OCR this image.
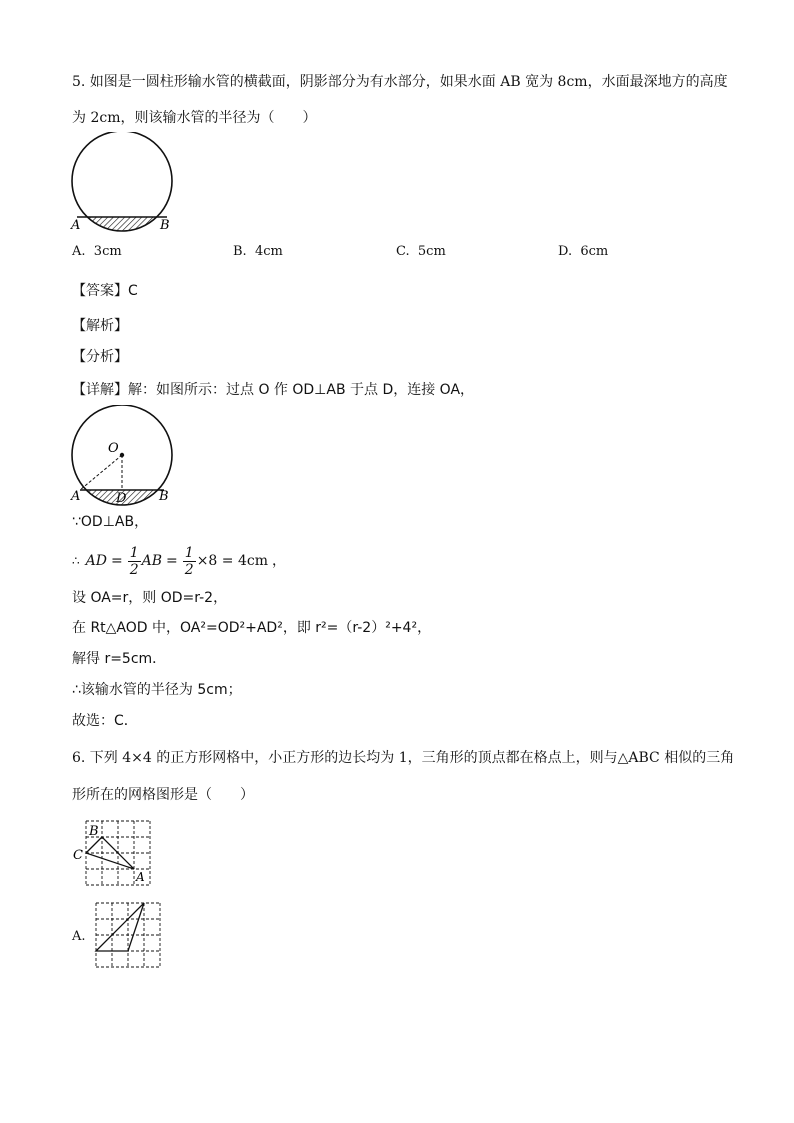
5. 如图是一圆柱形输水管的横截面，阴影部分为有水部分，如果水面 AB 宽为 8cm，水面最深地方的高度
为 2cm，则该输水管的半径为（　　）
A	B
A. 3cm	B. 4cm	C. 5cm	D. 6cm
【答案】C
【解析】
【分析】
【详解】解：如图所示：过点 O 作 OD⊥AB 于点 D，连接 OA，
O
A	B
D
∵OD⊥AB，
∴ AD = $\frac{1}{2}$ AB = $\frac{1}{2} \times 8 = 4cm$ ，
设 OA=r，则 OD=r-2，
在 Rt△AOD 中，OA²=OD²+AD²，即 r²=（r-2）²+4²，
解得 r=5cm．
∴该输水管的半径为 5cm；
故选：C．
6. 下列 4×4 的正方形网格中，小正方形的边长均为 1，三角形的顶点都在格点上，则与△ABC 相似的三角
形所在的网格图形是（　　）
B
C
A
A.
